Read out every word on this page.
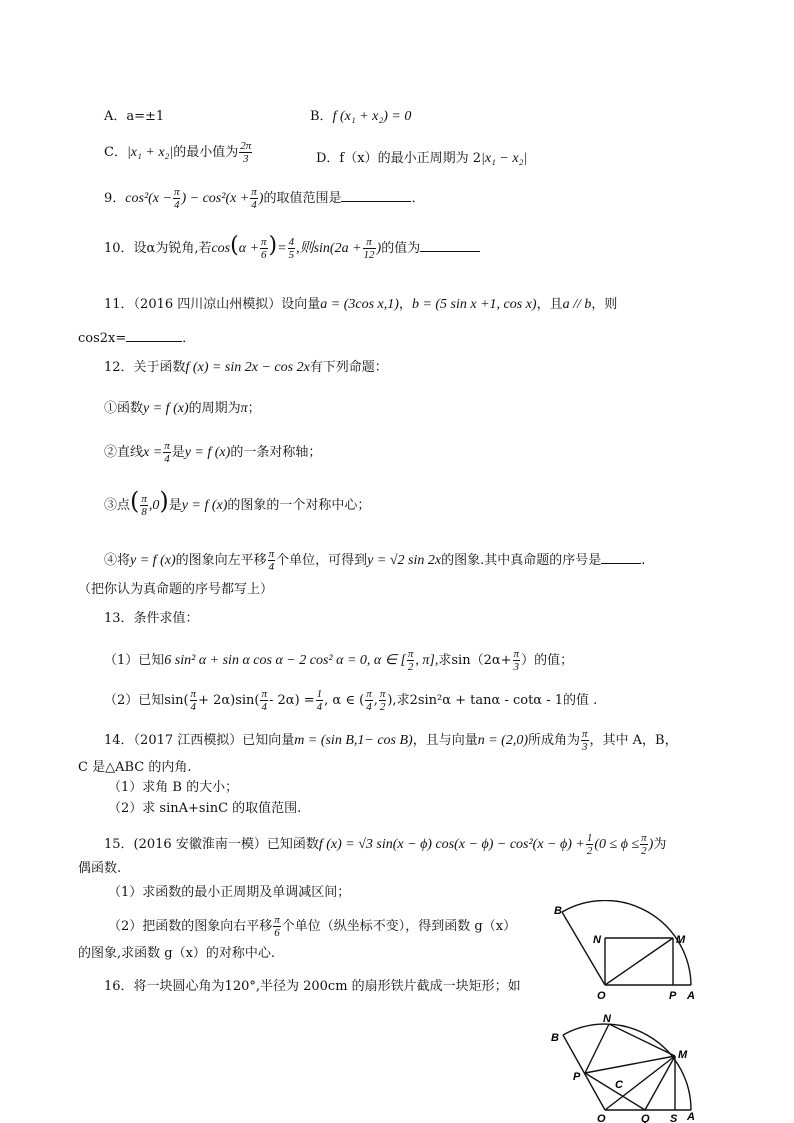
A．a=±1	B．f (x₁ + x₂) = 0
C．|x₁ + x₂|的最小值为 $\frac{2\pi}{3}$	D．f（x）的最小正周期为 2|x₁ − x₂|
9．$\cos^2(x - \frac{\pi}{4}$ ) − $\cos^2(x + \frac{\pi}{4}$ )的取值范围是	．
10．设α为锐角,若$\cos(\alpha + \frac{\pi}{6}$ )= $\frac{4}{5}$ ,则$\sin(2a + \frac{\pi}{12}$ )的值为
11．（2016 四川凉山州模拟）设向量a = (3cos x,1)，b = (5 sin x +1, cos x)，且a // b，则
cos2x=	．
12．关于函数f (x) = sin 2x − cos 2x有下列命题：
①函数y = f (x)的周期为π；
②直线$x = \frac{\pi}{4}$ 是y = f (x)的一条对称轴；
③点( $\frac{\pi}{8} ,0$)是y = f (x)的图象的一个对称中心；
④将y = f (x)的图象向左平移 $\frac{\pi}{4}$ 个单位，可得到y = √2 sin 2x的图象.其中真命题的序号是	.
（把你认为真命题的序号都写上）
13．条件求值：
（1）已知6 sin² α + sin α cos α − 2 cos² α = 0, α ∈ [ $\frac{\pi}{2}$ , π],求$\sin(2\alpha+ \frac{\pi}{3}$ ）的值；
（2）已知$\sin( \frac{\pi}{4} + 2\alpha)\sin( \frac{\pi}{4} - 2\alpha) = \frac{1}{4}$ , α ∈ ( $\frac{\pi}{4}$ , $\frac{\pi}{2}$ ),求2sin²α + tanα - cotα - 1的值 .
14．（2017 江西模拟）已知向量m = (sin B,1− cos B)，且与向量n = (2,0)所成角为 $\frac{\pi}{3}$ ，其中 A，B，
C 是△ABC 的内角.
（1）求角 B 的大小；
（2）求 sinA+sinC 的取值范围.
15．(2016 安徽淮南一模）已知函数f (x) = √3 sin(x − ϕ) $\cos(x - \phi) - \cos^2(x - \phi) + \frac{1}{2} (0 \le \phi \le \frac{\pi}{2}$ )为
偶函数.
（1）求函数的最小正周期及单调减区间；
（2）把函数的图象向右平移 $\frac{\pi}{6}$ 个单位（纵坐标不变），得到函数 g（x）
的图象,求函数 g（x）的对称中心.
16．将一块圆心角为120°,半径为 200cm 的扇形铁片截成一块矩形；如
B
N	M
O	P A
N
B
M
P
C
O	Q S A
